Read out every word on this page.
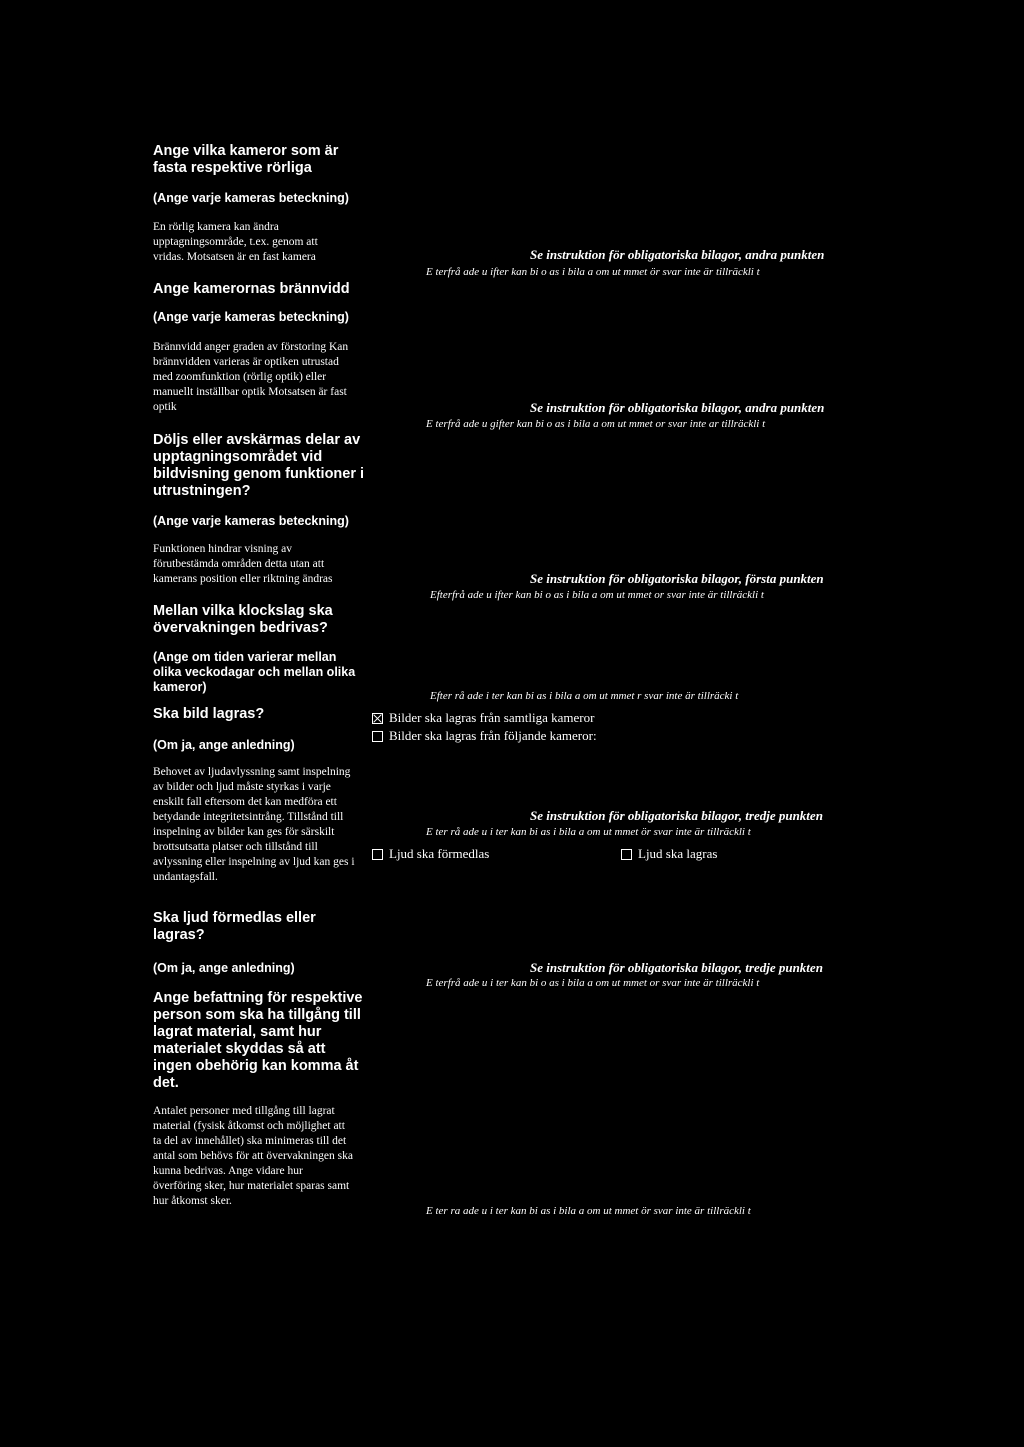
Ange vilka kameror som är fasta respektive rörliga
(Ange varje kameras beteckning)
En rörlig kamera kan ändra upptagningsområde, t.ex. genom att vridas. Motsatsen är en fast kamera	Se instruktion för obligatoriska bilagor, andra punkten
E terfrå ade u ifter kan bi o as i bila a om ut mmet ör svar inte är tillräckli t
Ange kamerornas brännvidd
(Ange varje kameras beteckning)
Brännvidd anger graden av förstoring Kan brännvidden varieras är optiken utrustad med zoomfunktion (rörlig optik) eller manuellt inställbar optik Motsatsen är fast optik	Se instruktion för obligatoriska bilagor, andra punkten
E terfrå ade u gifter kan bi o as i bila a om ut mmet or svar inte ar tillräckli t
Döljs eller avskärmas delar av upptagningsområdet vid bildvisning genom funktioner i utrustningen?
(Ange varje kameras beteckning)
Funktionen hindrar visning av förutbestämda områden detta utan att kamerans position eller riktning ändras	Se instruktion för obligatoriska bilagor, första punkten
Efterfrå ade u ifter kan bi o as i bila a om ut mmet or svar inte är tillräckli t
Mellan vilka klockslag ska övervakningen bedrivas?
(Ange om tiden varierar mellan olika veckodagar och mellan olika kameror)
Efter rå ade i ter kan bi as i bila a om ut mmet r svar inte är tillräcki t
Ska bild lagras?
(Om ja, ange anledning)
Bilder ska lagras från samtliga kameror
Bilder ska lagras från följande kameror:
Behovet av ljudavlyssning samt inspelning av bilder och ljud måste styrkas i varje enskilt fall eftersom det kan medföra ett betydande integritetsintrång. Tillstånd till inspelning av bilder kan ges för särskilt brottsutsatta platser och tillstånd till avlyssning eller inspelning av ljud kan ges i undantagsfall.
Se instruktion för obligatoriska bilagor, tredje punkten
E ter rå ade u i ter kan bi as i bila a om ut mmet ör svar inte är tillräckli t
Ljud ska förmedlas	Ljud ska lagras
Ska ljud förmedlas eller lagras?
(Om ja, ange anledning)	Se instruktion för obligatoriska bilagor, tredje punkten
E terfrå ade u i ter kan bi o as i bila a om ut mmet or svar inte är tillräckli t
Ange befattning för respektive person som ska ha tillgång till lagrat material, samt hur materialet skyddas så att ingen obehörig kan komma åt det.
Antalet personer med tillgång till lagrat material (fysisk åtkomst och möjlighet att ta del av innehållet) ska minimeras till det antal som behövs för att övervakningen ska kunna bedrivas. Ange vidare hur överföring sker, hur materialet sparas samt hur åtkomst sker.
E ter ra ade u i ter kan bi as i bila a om ut mmet ör svar inte är tillräckli t
